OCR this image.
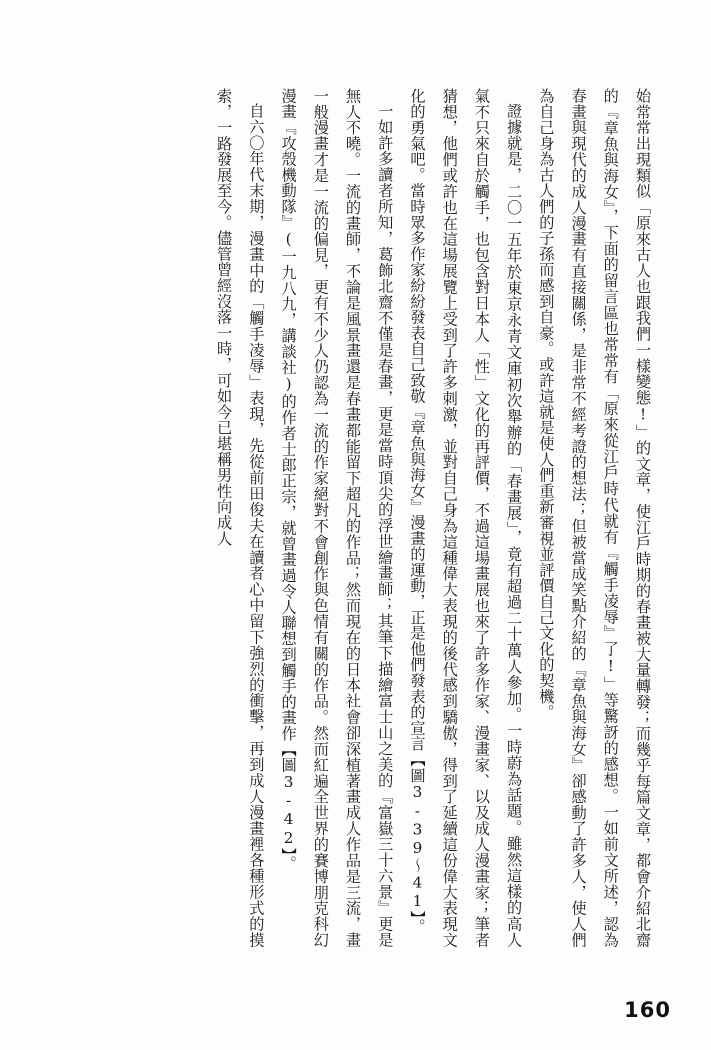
始常常出現類似「原來古人也跟我們一樣變態!」的文章，使江戶時期的春畫被大量轉發；而幾乎每篇文章，都會介紹北齋的『章魚與海女』，下面的留言區也常常有「原來從江戶時代就有『觸手凌辱』了!」等驚訝的感想。一如前文所述，認為春畫與現代的成人漫畫有直接關係，是非常不經考證的想法；但被當成笑點介紹的『章魚與海女』卻感動了許多人，使人們為自己身為古人們的子孫而感到自豪。或許這就是使人們重新審視並評價自己文化的契機。

證據就是，二〇一五年於東京永青文庫初次舉辦的「春畫展」，竟有超過二十萬人參加。一時蔚為話題。雖然這樣的高人氣不只來自於觸手，也包含對日本人「性」文化的再評價，不過這場畫展也來了許多作家、漫畫家、以及成人漫畫家；筆者猜想，他們或許也在這場展覽上受到了許多刺激，並對自己身為這種偉大表現的後代感到驕傲，得到了延續這份偉大表現文化的勇氣吧。當時眾多作家紛紛發表自己致敬『章魚與海女』漫畫的運動，正是他們發表的宣言【圖3-39～41】。

一如許多讀者所知，葛飾北齋不僅是春畫，更是當時頂尖的浮世繪畫師；其筆下描繪富士山之美的『富嶽三十六景』更是無人不曉。一流的畫師，不論是風景畫還是春畫都能留下超凡的作品；然而現在的日本社會卻深植著畫成人作品是三流，畫一般漫畫才是一流的偏見，更有不少人仍認為一流的作家絕對不會創作與色情有關的作品。然而紅遍全世界的賽博朋克科幻漫畫『攻殼機動隊』(一九八九，講談社)的作者士郎正宗，就曾畫過令人聯想到觸手的畫作【圖3-42】。

自六〇年代末期，漫畫中的「觸手凌辱」表現，先從前田俊夫在讀者心中留下強烈的衝擊，再到成人漫畫裡各種形式的摸索，一路發展至今。儘管曾經沒落一時，可如今已堪稱男性向成人

160
